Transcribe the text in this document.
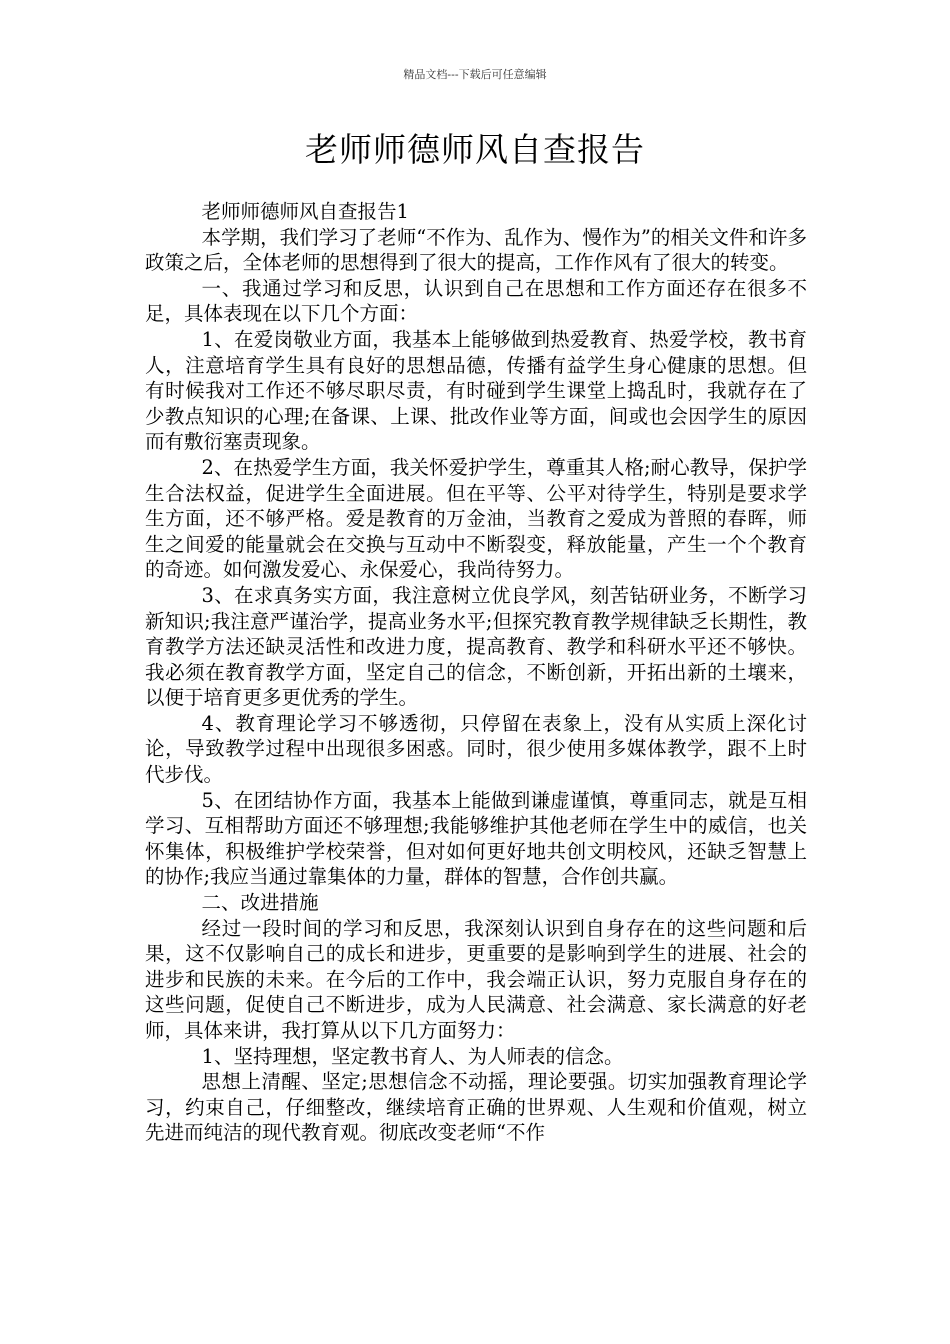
精品文档---下载后可任意编辑
老师师德师风自查报告

老师师德师风自查报告1

本学期，我们学习了老师“不作为、乱作为、慢作为”的相关文件和许多政策之后，全体老师的思想得到了很大的提高，工作作风有了很大的转变。

一、我通过学习和反思，认识到自己在思想和工作方面还存在很多不足，具体表现在以下几个方面：

1、在爱岗敬业方面，我基本上能够做到热爱教育、热爱学校，教书育人，注意培育学生具有良好的思想品德，传播有益学生身心健康的思想。但有时候我对工作还不够尽职尽责，有时碰到学生课堂上捣乱时，我就存在了少教点知识的心理;在备课、上课、批改作业等方面，间或也会因学生的原因而有敷衍塞责现象。

2、在热爱学生方面，我关怀爱护学生，尊重其人格;耐心教导，保护学生合法权益，促进学生全面进展。但在平等、公平对待学生，特别是要求学生方面，还不够严格。爱是教育的万金油，当教育之爱成为普照的春晖，师生之间爱的能量就会在交换与互动中不断裂变，释放能量，产生一个个教育的奇迹。如何激发爱心、永保爱心，我尚待努力。

3、在求真务实方面，我注意树立优良学风，刻苦钻研业务，不断学习新知识;我注意严谨治学，提高业务水平;但探究教育教学规律缺乏长期性，教育教学方法还缺灵活性和改进力度，提高教育、教学和科研水平还不够快。我必须在教育教学方面，坚定自己的信念，不断创新，开拓出新的土壤来，以便于培育更多更优秀的学生。

4、教育理论学习不够透彻，只停留在表象上，没有从实质上深化讨论，导致教学过程中出现很多困惑。同时，很少使用多媒体教学，跟不上时代步伐。

5、在团结协作方面，我基本上能做到谦虚谨慎，尊重同志，就是互相学习、互相帮助方面还不够理想;我能够维护其他老师在学生中的威信，也关怀集体，积极维护学校荣誉，但对如何更好地共创文明校风，还缺乏智慧上的协作;我应当通过靠集体的力量，群体的智慧，合作创共赢。

二、改进措施

经过一段时间的学习和反思，我深刻认识到自身存在的这些问题和后果，这不仅影响自己的成长和进步，更重要的是影响到学生的进展、社会的进步和民族的未来。在今后的工作中，我会端正认识，努力克服自身存在的这些问题，促使自己不断进步，成为人民满意、社会满意、家长满意的好老师，具体来讲，我打算从以下几方面努力：

1、坚持理想，坚定教书育人、为人师表的信念。

思想上清醒、坚定;思想信念不动摇，理论要强。切实加强教育理论学习，约束自己，仔细整改，继续培育正确的世界观、人生观和价值观，树立先进而纯洁的现代教育观。彻底改变老师“不作
